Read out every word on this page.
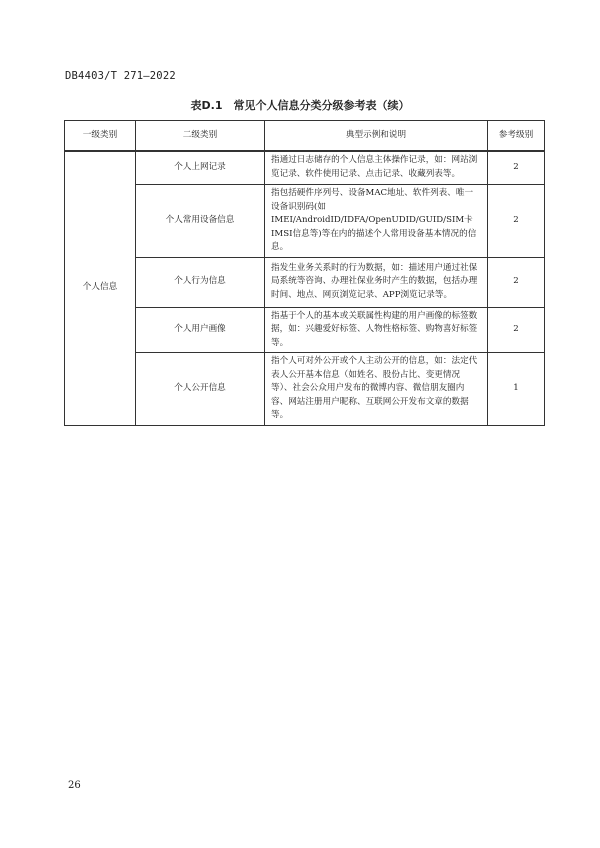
DB4403/T 271—2022
表D.1　常见个人信息分类分级参考表（续）
一级类别	二级类别	典型示例和说明	参考级别
个人信息	个人上网记录	指通过日志储存的个人信息主体操作记录，如：网站浏览记录、软件使用记录、点击记录、收藏列表等。	2
	个人常用设备信息	指包括硬件序列号、设备MAC地址、软件列表、唯一设备识别码(如IMEI/AndroidID/IDFA/OpenUDID/GUID/SIM卡IMSI信息等)等在内的描述个人常用设备基本情况的信息。	2
	个人行为信息	指发生业务关系时的行为数据，如：描述用户通过社保局系统等咨询、办理社保业务时产生的数据，包括办理时间、地点、网页浏览记录、APP浏览记录等。	2
	个人用户画像	指基于个人的基本或关联属性构建的用户画像的标签数据，如：兴趣爱好标签、人物性格标签、购物喜好标签等。	2
	个人公开信息	指个人可对外公开或个人主动公开的信息，如：法定代表人公开基本信息（如姓名、股份占比、变更情况等）、社会公众用户发布的微博内容、微信朋友圈内容、网站注册用户昵称、互联网公开发布文章的数据等。	1
26
